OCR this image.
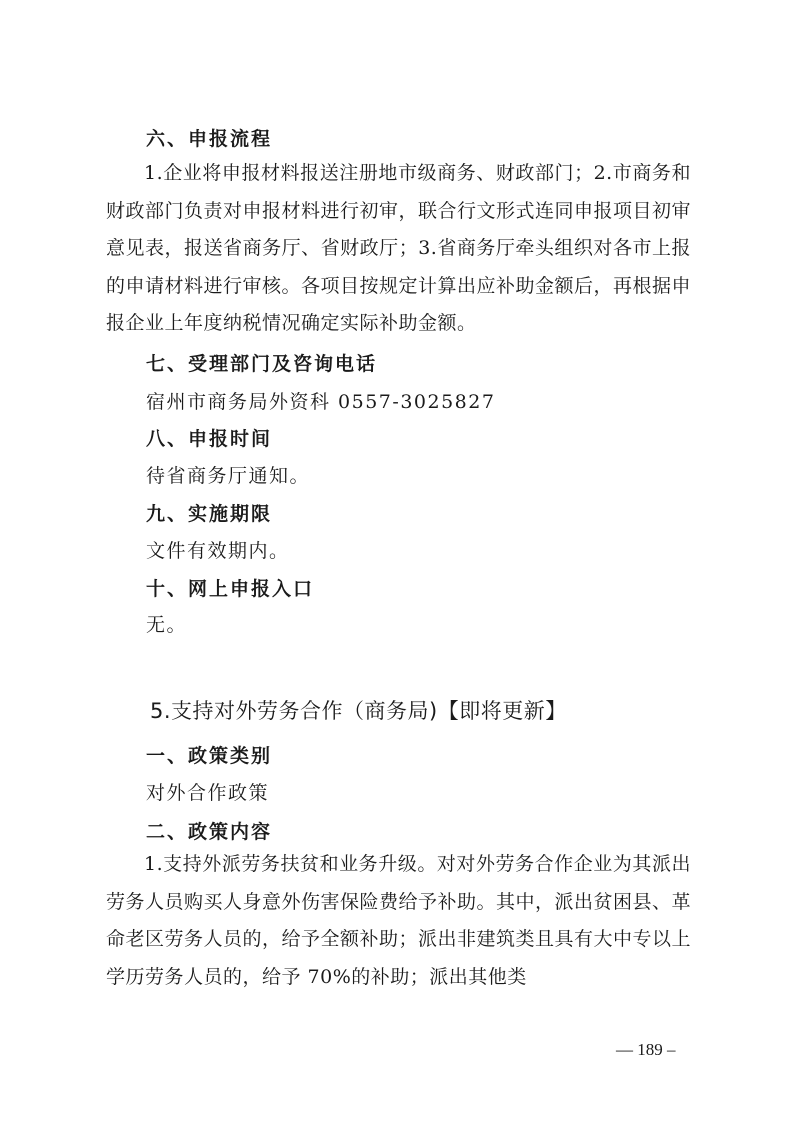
六、申报流程
1.企业将申报材料报送注册地市级商务、财政部门；2.市商务和财政部门负责对申报材料进行初审，联合行文形式连同申报项目初审意见表，报送省商务厅、省财政厅；3.省商务厅牵头组织对各市上报的申请材料进行审核。各项目按规定计算出应补助金额后，再根据申报企业上年度纳税情况确定实际补助金额。
七、受理部门及咨询电话
宿州市商务局外资科 0557-3025827
八、申报时间
待省商务厅通知。
九、实施期限
文件有效期内。
十、网上申报入口
无。
5.支持对外劳务合作（商务局)【即将更新】
一、政策类别
对外合作政策
二、政策内容
1.支持外派劳务扶贫和业务升级。对对外劳务合作企业为其派出劳务人员购买人身意外伤害保险费给予补助。其中，派出贫困县、革命老区劳务人员的，给予全额补助；派出非建筑类且具有大中专以上学历劳务人员的，给予 70%的补助；派出其他类
— 189 –
